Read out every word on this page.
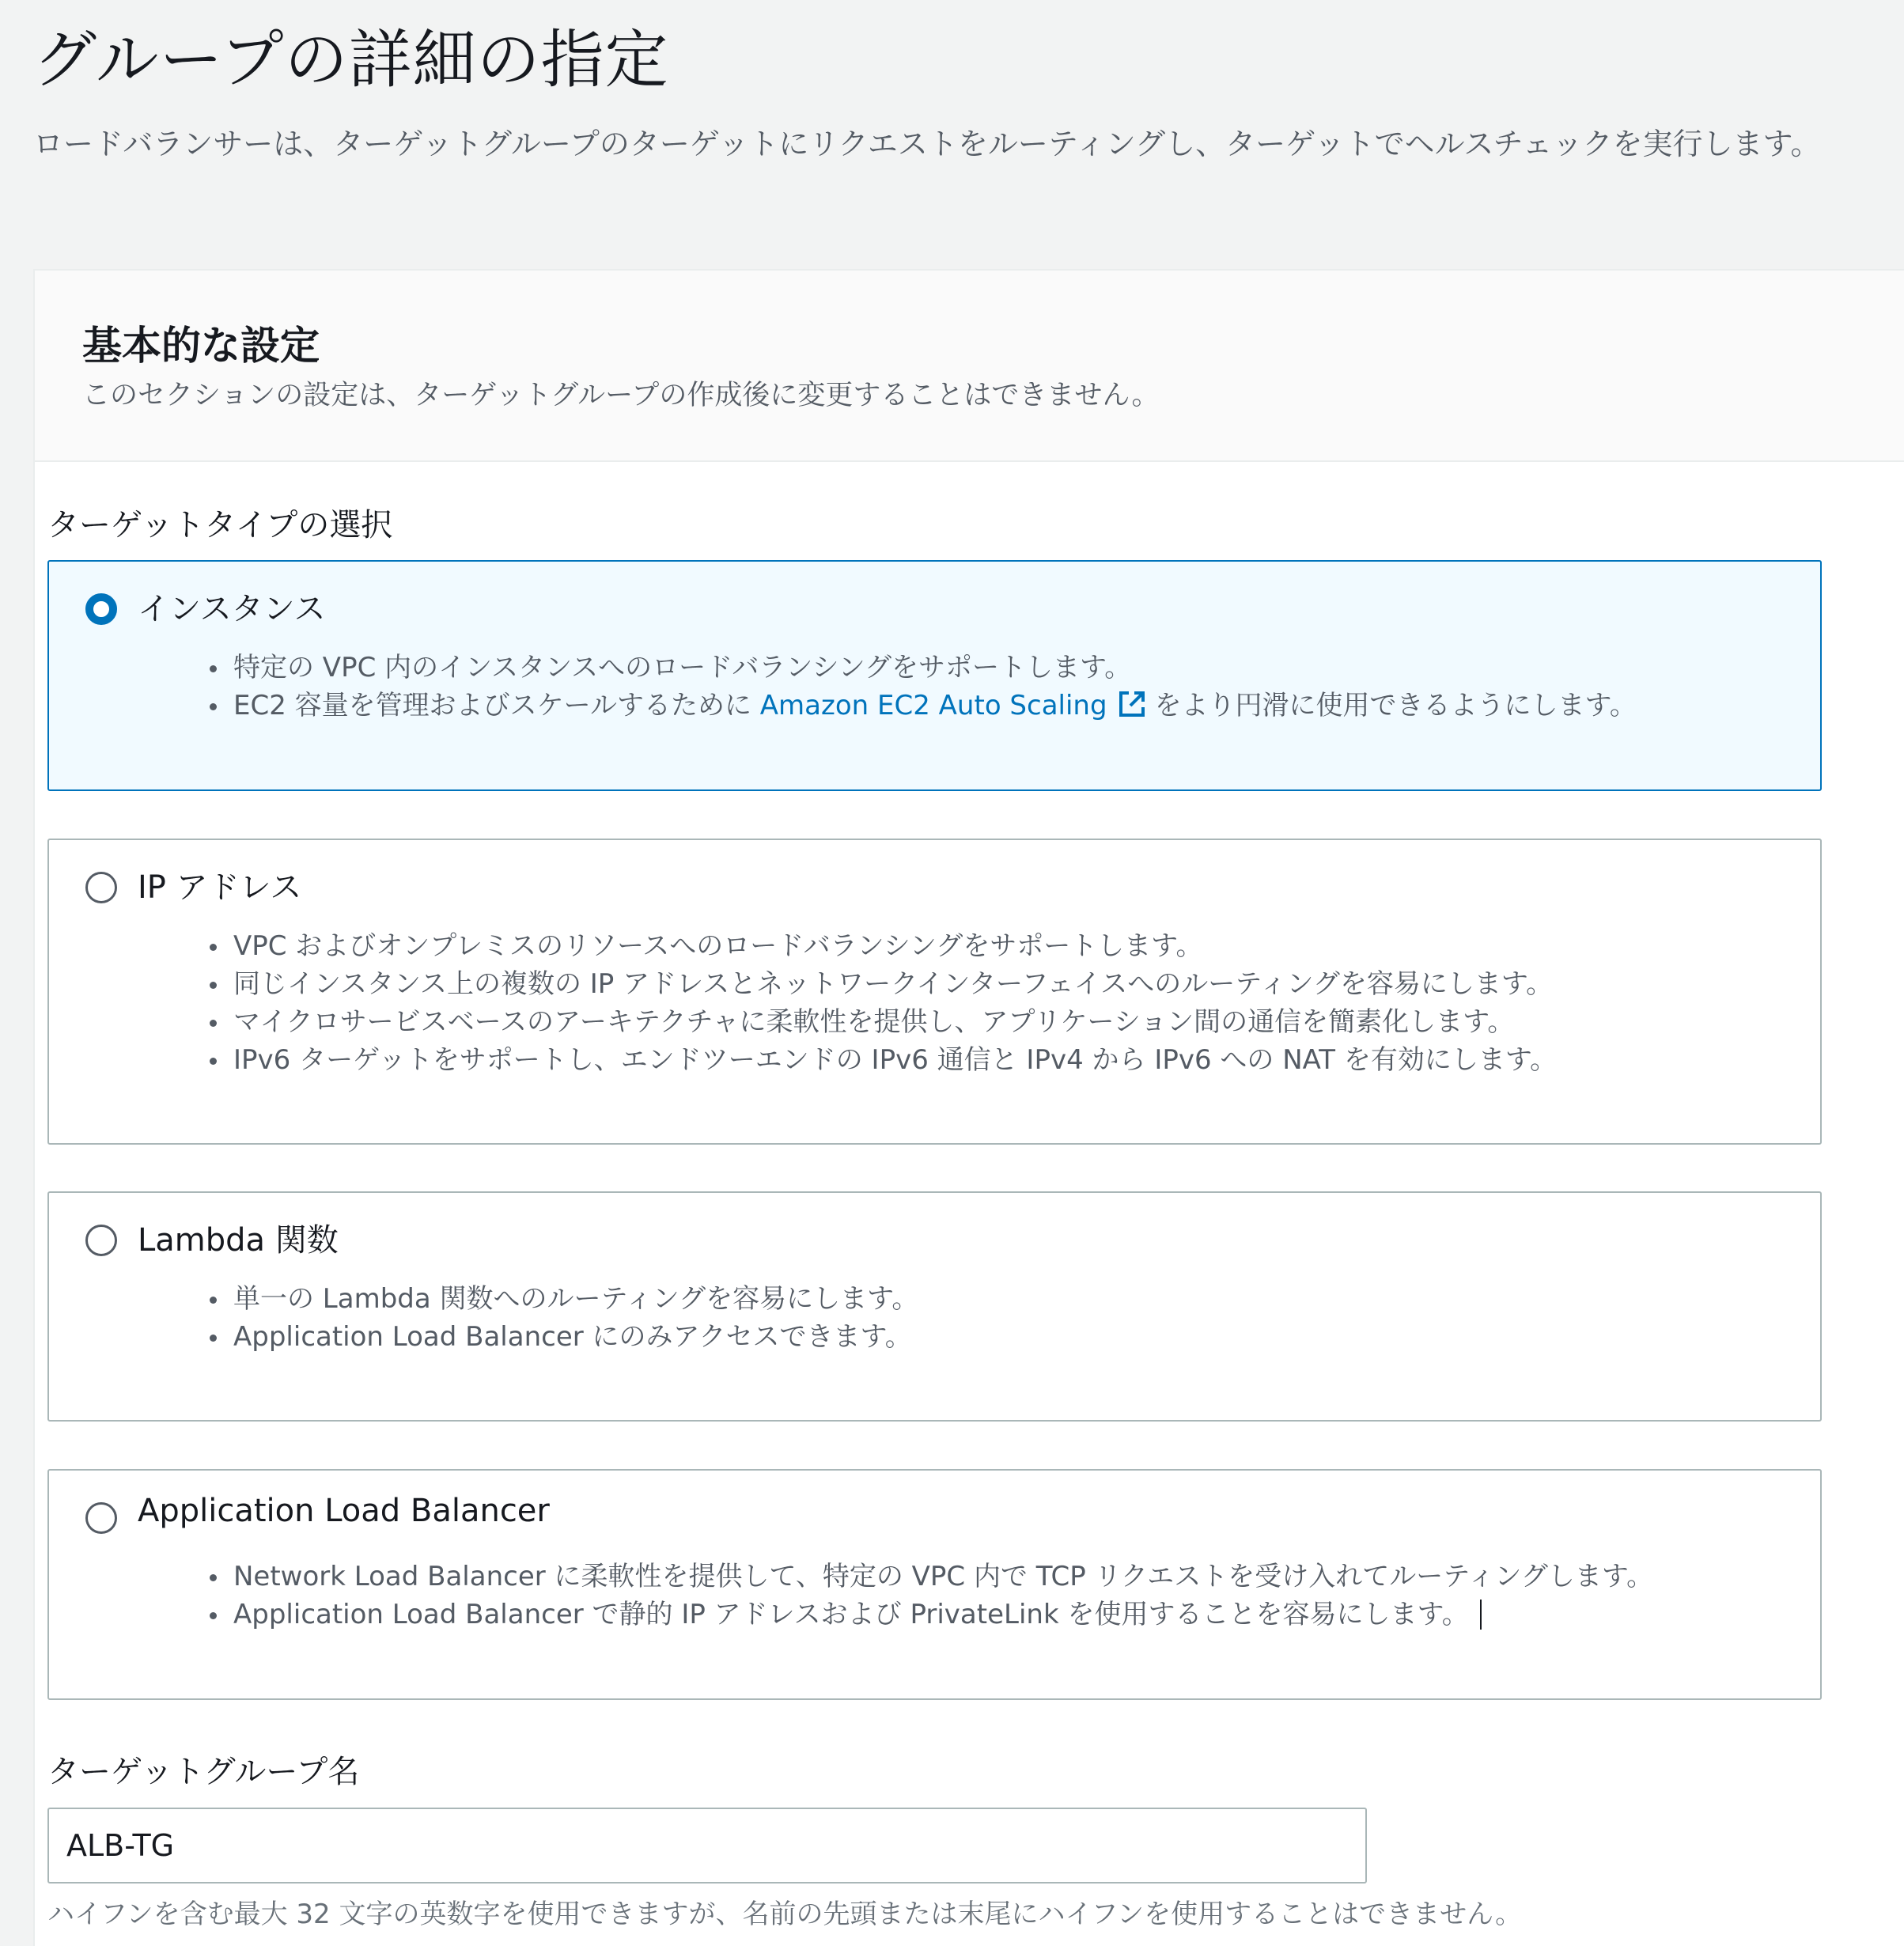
グループの詳細の指定

ロードバランサーは、ターゲットグループのターゲットにリクエストをルーティングし、ターゲットでヘルスチェックを実行します。

基本的な設定

このセクションの設定は、ターゲットグループの作成後に変更することはできません。

ターゲットタイプの選択
インスタンス
特定の VPC 内のインスタンスへのロードバランシングをサポートします。
EC2 容量を管理およびスケールするために Amazon EC2 Auto Scaling をより円滑に使用できるようにします。
IP アドレス
VPC およびオンプレミスのリソースへのロードバランシングをサポートします。
同じインスタンス上の複数の IP アドレスとネットワークインターフェイスへのルーティングを容易にします。
マイクロサービスベースのアーキテクチャに柔軟性を提供し、アプリケーション間の通信を簡素化します。
IPv6 ターゲットをサポートし、エンドツーエンドの IPv6 通信と IPv4 から IPv6 への NAT を有効にします。
Lambda 関数
単一の Lambda 関数へのルーティングを容易にします。
Application Load Balancer にのみアクセスできます。
Application Load Balancer
Network Load Balancer に柔軟性を提供して、特定の VPC 内で TCP リクエストを受け入れてルーティングします。
Application Load Balancer で静的 IP アドレスおよび PrivateLink を使用することを容易にします。
ターゲットグループ名
ALB-TG

ハイフンを含む最大 32 文字の英数字を使用できますが、名前の先頭または末尾にハイフンを使用することはできません。
